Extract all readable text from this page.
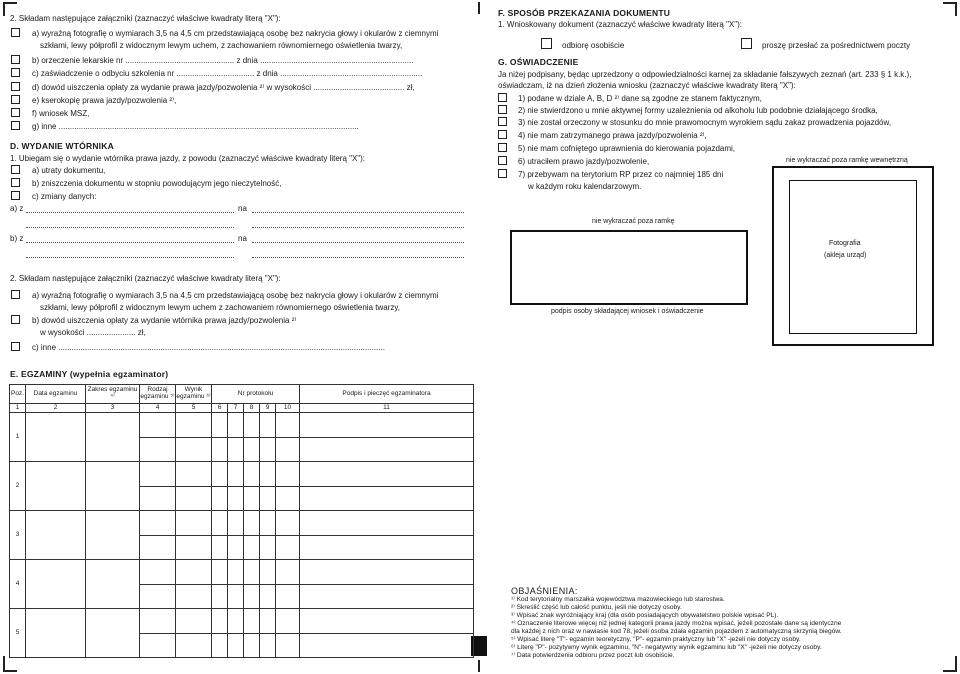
2. Składam następujące załączniki (zaznaczyć właściwe kwadraty literą "X"):
a) wyraźną fotografię o wymiarach 3,5 na 4,5 cm przedstawiającą osobę bez nakrycia głowy i okularów z ciemnymi
szkłami, lewy półprofil z widocznym lewym uchem, z zachowaniem równomiernego oświetlenia twarzy,
b) orzeczenie lekarskie nr ................................................. z dnia .....................................................................
c) zaświadczenie o odbyciu szkolenia nr ................................... z dnia ................................................................
d) dowód uiszczenia opłaty za wydanie prawa jazdy/pozwolenia ²⁾ w wysokości ......................................... zł,
e) kserokopię prawa jazdy/pozwolenia ²⁾,
f) wniosek MSZ,
g) inne .......................................................................................................................................
D. WYDANIE WTÓRNIKA
1. Ubiegam się o wydanie wtórnika prawa jazdy, z powodu (zaznaczyć właściwe kwadraty literą "X"):
a) utraty dokumentu,
b) zniszczenia dokumentu w stopniu powodującym jego nieczytelność,
c) zmiany danych:
a) z	na
b) z	na
2. Składam następujące załączniki (zaznaczyć właściwe kwadraty literą "X"):
a) wyraźną fotografię o wymiarach 3,5 na 4,5 cm przedstawiającą osobę bez nakrycia głowy i okularów z ciemnymi
szkłami, lewy półprofil z widocznym lewym uchem z zachowaniem równomiernego oświetlenia twarzy,
b) dowód uiszczenia opłaty za wydanie wtórnika prawa jazdy/pozwolenia ²⁾
w wysokości ...................... zł,
c) inne ...................................................................................................................................................
E. EGZAMINY (wypełnia egzaminator)
Poz.	Data egzaminu	Zakres egzaminu ⁴⁾	Rodzaj egzaminu ⁵⁾	Wynik egzaminu ⁶⁾	Nr protokołu					Podpis i pieczęć egzaminatora
1	2	3	4	5	6	7	8	9	10	11
1										

2										

3										

4										

5										

F. SPOSÓB PRZEKAZANIA DOKUMENTU
1. Wnioskowany dokument (zaznaczyć właściwe kwadraty literą "X"):
odbiorę osobiście	proszę przesłać za pośrednictwem poczty
G. OŚWIADCZENIE
Ja niżej podpisany, będąc uprzedzony o odpowiedzialności karnej za składanie fałszywych zeznań (art. 233 § 1 k.k.),
oświadczam, iż na dzień złożenia wniosku (zaznaczyć właściwe kwadraty literą "X"):
1) podane w dziale A, B, D ²⁾ dane są zgodne ze stanem faktycznym,
2) nie stwierdzono u mnie aktywnej formy uzależnienia od alkoholu lub podobnie działającego środka,
3) nie został orzeczony w stosunku do mnie prawomocnym wyrokiem sądu zakaz prowadzenia pojazdów,
4) nie mam zatrzymanego prawa jazdy/pozwolenia ²⁾,
5) nie mam cofniętego uprawnienia do kierowania pojazdami,
6) utraciłem prawo jazdy/pozwolenie,
7) przebywam na terytorium RP przez co najmniej 185 dni
w każdym roku kalendarzowym.
nie wykraczać poza ramkę wewnętrzną
Fotografia
(akleja urząd)
nie wykraczać poza ramkę
podpis osoby składającej wniosek i oświadczenie
OBJAŚNIENIA:
¹⁾ Kod terytorialny marszałka województwa mazowieckiego lub starostwa.
²⁾ Skreślić część lub całość punktu, jeśli nie dotyczy osoby.
³⁾ Wpisać znak wyróżniający kraj (dla osób posiadających obywatelstwo polskie wpisać PL).
⁴⁾ Oznaczenie literowe więcej niż jednej kategorii prawa jazdy można wpisać, jeżeli pozostałe dane są identyczne
dla każdej z nich oraz w nawiasie kod 78, jeżeli osoba zdała egzamin pojazdem z automatyczną skrzynią biegów.
⁵⁾ Wpisać literę "T"- egzamin teoretyczny, "P"- egzamin praktyczny lub "X" -jeżeli nie dotyczy osoby.
⁶⁾ Literę "P"- pozytywny wynik egzaminu, "N"- negatywny wynik egzaminu lub "X" -jeżeli nie dotyczy osoby.
⁷⁾ Data potwierdzenia odbioru przez poczt lub osobiście.
